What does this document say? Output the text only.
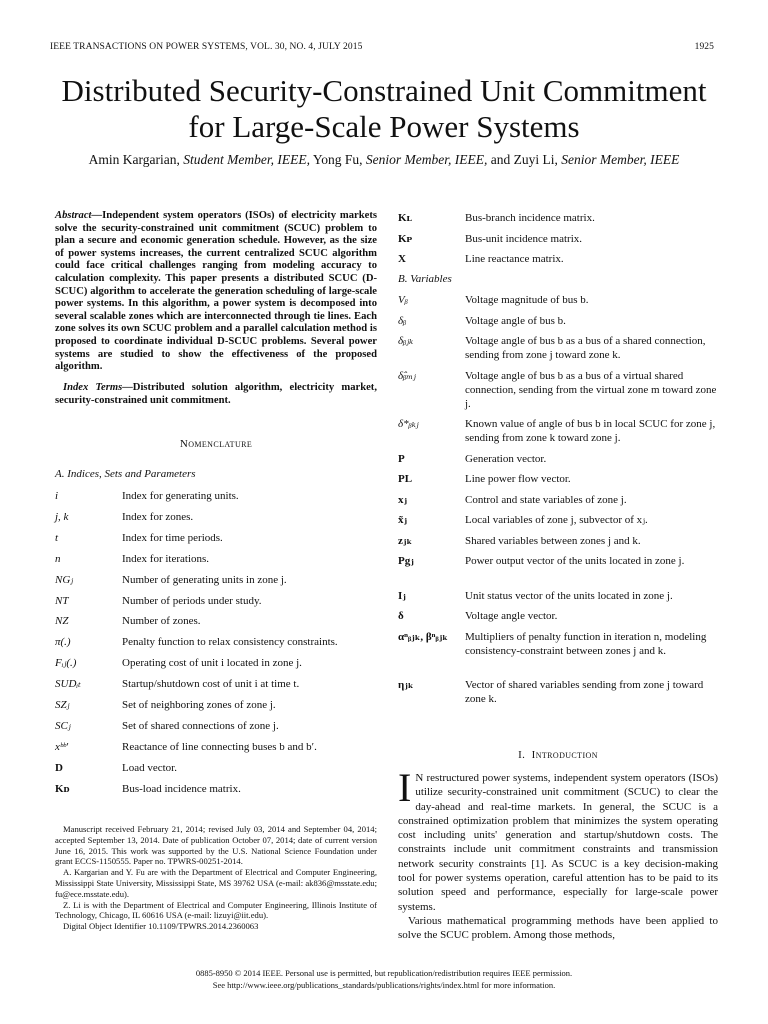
IEEE TRANSACTIONS ON POWER SYSTEMS, VOL. 30, NO. 4, JULY 2015	1925
Distributed Security-Constrained Unit Commitment
for Large-Scale Power Systems
Amin Kargarian, Student Member, IEEE, Yong Fu, Senior Member, IEEE, and Zuyi Li, Senior Member, IEEE
Abstract—Independent system operators (ISOs) of electricity markets solve the security-constrained unit commitment (SCUC) problem to plan a secure and economic generation schedule. However, as the size of power systems increases, the current centralized SCUC algorithm could face critical challenges ranging from modeling accuracy to calculation complexity. This paper presents a distributed SCUC (D-SCUC) algorithm to accelerate the generation scheduling of large-scale power systems. In this algorithm, a power system is decomposed into several scalable zones which are interconnected through tie lines. Each zone solves its own SCUC problem and a parallel calculation method is proposed to coordinate individual D-SCUC problems. Several power systems are studied to show the effectiveness of the proposed algorithm.
Index Terms—Distributed solution algorithm, electricity market, security-constrained unit commitment.
Nomenclature
A. Indices, Sets and Parameters
i	Index for generating units.
j, k	Index for zones.
t	Index for time periods.
n	Index for iterations.
NGⱼ	Number of generating units in zone j.
NT	Number of periods under study.
NZ	Number of zones.
π(.)	Penalty function to relax consistency constraints.
Fᵢⱼ(.)	Operating cost of unit i located in zone j.
SUDᵢₜ	Startup/shutdown cost of unit i at time t.
SZⱼ	Set of neighboring zones of zone j.
SCⱼ	Set of shared connections of zone j.
xᵇᵇ′	Reactance of line connecting buses b and b′.
D	Load vector.
Kᴅ	Bus-load incidence matrix.

Manuscript received February 21, 2014; revised July 03, 2014 and September 04, 2014; accepted September 13, 2014. Date of publication October 07, 2014; date of current version June 16, 2015. This work was supported by the U.S. National Science Foundation under grant ECCS-1150555. Paper no. TPWRS-00251-2014.

A. Kargarian and Y. Fu are with the Department of Electrical and Computer Engineering, Mississippi State University, Mississippi State, MS 39762 USA (e-mail: ak836@msstate.edu; fu@ece.msstate.edu).

Z. Li is with the Department of Electrical and Computer Engineering, Illinois Institute of Technology, Chicago, IL 60616 USA (e-mail: lizuyi@iit.edu).

Digital Object Identifier 10.1109/TPWRS.2014.2360063

Kʟ	Bus-branch incidence matrix.
Kᴘ	Bus-unit incidence matrix.
X	Line reactance matrix.
B. Variables
Vᵦ	Voltage magnitude of bus b.
δᵦ	Voltage angle of bus b.
δᵦⱼₖ	Voltage angle of bus b as a bus of a shared connection, sending from zone j toward zone k.
δ̂ᵦₘⱼ	Voltage angle of bus b as a bus of a virtual shared connection, sending from the virtual zone m toward zone j.
δ*ᵦₖⱼ	Known value of angle of bus b in local SCUC for zone j, sending from zone k toward zone j.
P	Generation vector.
PL	Line power flow vector.
xⱼ	Control and state variables of zone j.
x̃ⱼ	Local variables of zone j, subvector of xⱼ.
zⱼₖ	Shared variables between zones j and k.
Pgⱼ	Power output vector of the units located in zone j.
Iⱼ	Unit status vector of the units located in zone j.
δ	Voltage angle vector.
αⁿᵦⱼₖ, βⁿᵦⱼₖ Multipliers of penalty function in iteration n, modeling consistency-constraint between zones j and k.
ηⱼₖ	Vector of shared variables sending from zone j toward zone k.
I. Introduction
I N restructured power systems, independent system operators (ISOs) utilize security-constrained unit commitment (SCUC) to clear the day-ahead and real-time markets. In general, the SCUC is a constrained optimization problem that minimizes the system operating cost including units' generation and startup/shutdown costs. The constraints include unit commitment constraints and transmission network security constraints [1]. As SCUC is a key decision-making tool for power systems operation, careful attention has to be paid to its solution speed and performance, especially for large-scale power systems.
Various mathematical programming methods have been applied to solve the SCUC problem. Among those methods,
0885-8950 © 2014 IEEE. Personal use is permitted, but republication/redistribution requires IEEE permission.
See http://www.ieee.org/publications_standards/publications/rights/index.html for more information.
